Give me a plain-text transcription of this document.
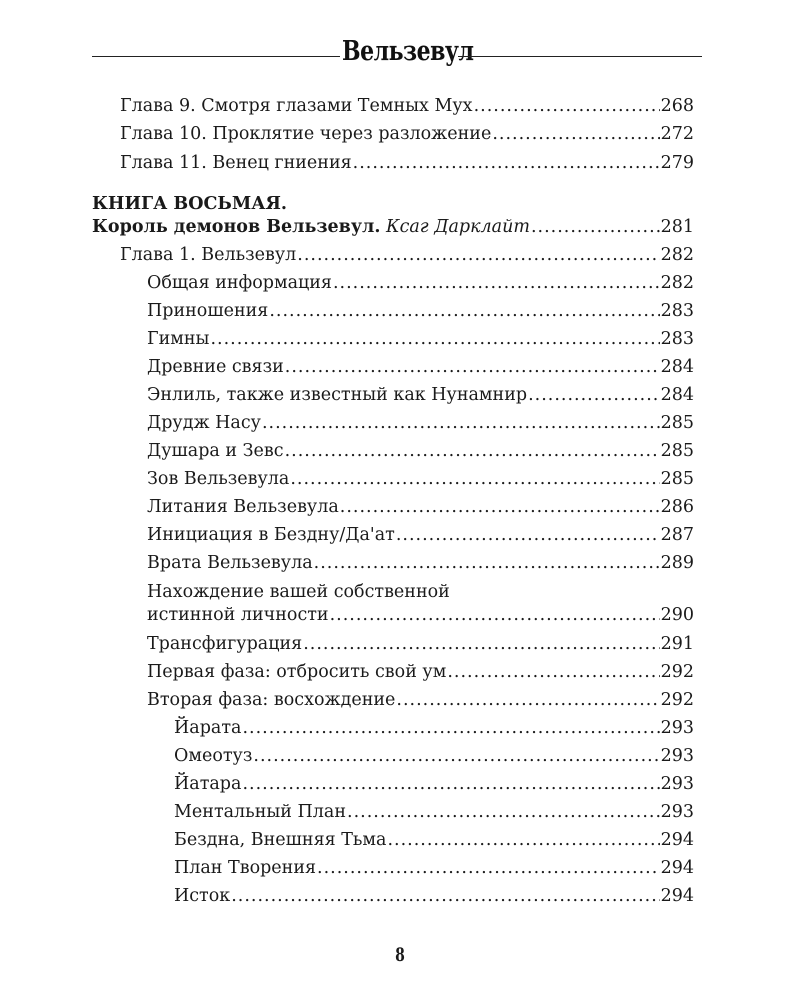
Вельзевул
Глава 9. Смотря глазами Темных Мух .....	268
Глава 10. Проклятие через разложение .....	272
Глава 11. Венец гниения .....	279
КНИГА ВОСЬМАЯ.
Король демонов Вельзевул. Ксаг Дарклайт .....	281
Глава 1. Вельзевул .....	282
Общая информация .....	282
Приношения .....	283
Гимны .....	283
Древние связи .....	284
Энлиль, также известный как Нунамнир .....	284
Друдж Насу .....	285
Душара и Зевс .....	285
Зов Вельзевула .....	285
Литания Вельзевула .....	286
Инициация в Бездну/Да'ат .....	287
Врата Вельзевула .....	289
Нахождение вашей собственной
истинной личности .....	290
Трансфигурация .....	291
Первая фаза: отбросить свой ум .....	292
Вторая фаза: восхождение .....	292
Йарата .....	293
Омеотуз .....	293
Йатара .....	293
Ментальный План .....	293
Бездна, Внешняя Тьма .....	294
План Творения .....	294
Исток .....	294
8
